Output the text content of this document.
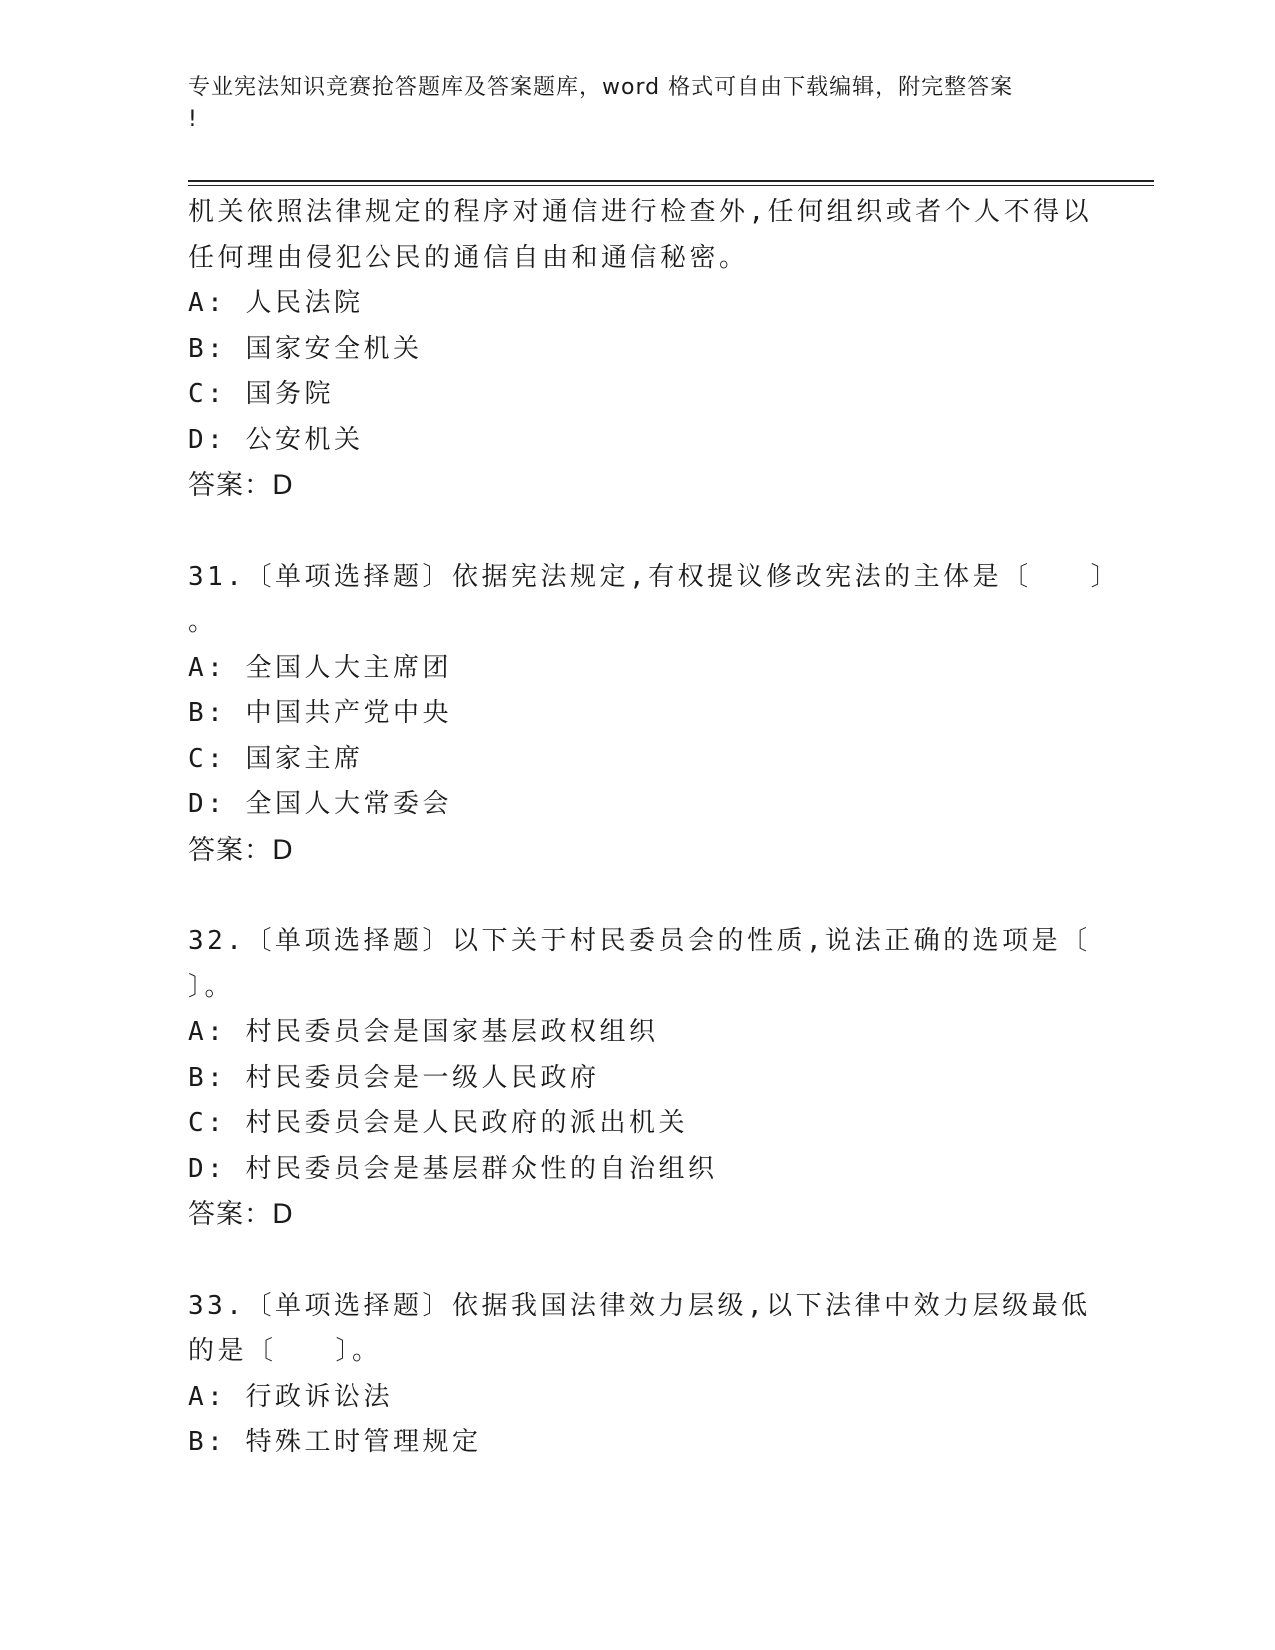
专业宪法知识竞赛抢答题库及答案题库，word 格式可自由下载编辑，附完整答案
!
机关依照法律规定的程序对通信进行检查外,任何组织或者个人不得以
任何理由侵犯公民的通信自由和通信秘密。
A: 人民法院
B: 国家安全机关
C: 国务院
D: 公安机关
答案：D
31.〔单项选择题〕依据宪法规定,有权提议修改宪法的主体是〔　　〕
。
A: 全国人大主席团
B: 中国共产党中央
C: 国家主席
D: 全国人大常委会
答案：D
32.〔单项选择题〕以下关于村民委员会的性质,说法正确的选项是〔
〕。
A: 村民委员会是国家基层政权组织
B: 村民委员会是一级人民政府
C: 村民委员会是人民政府的派出机关
D: 村民委员会是基层群众性的自治组织
答案：D
33.〔单项选择题〕依据我国法律效力层级,以下法律中效力层级最低
的是〔　　〕。
A: 行政诉讼法
B: 特殊工时管理规定
